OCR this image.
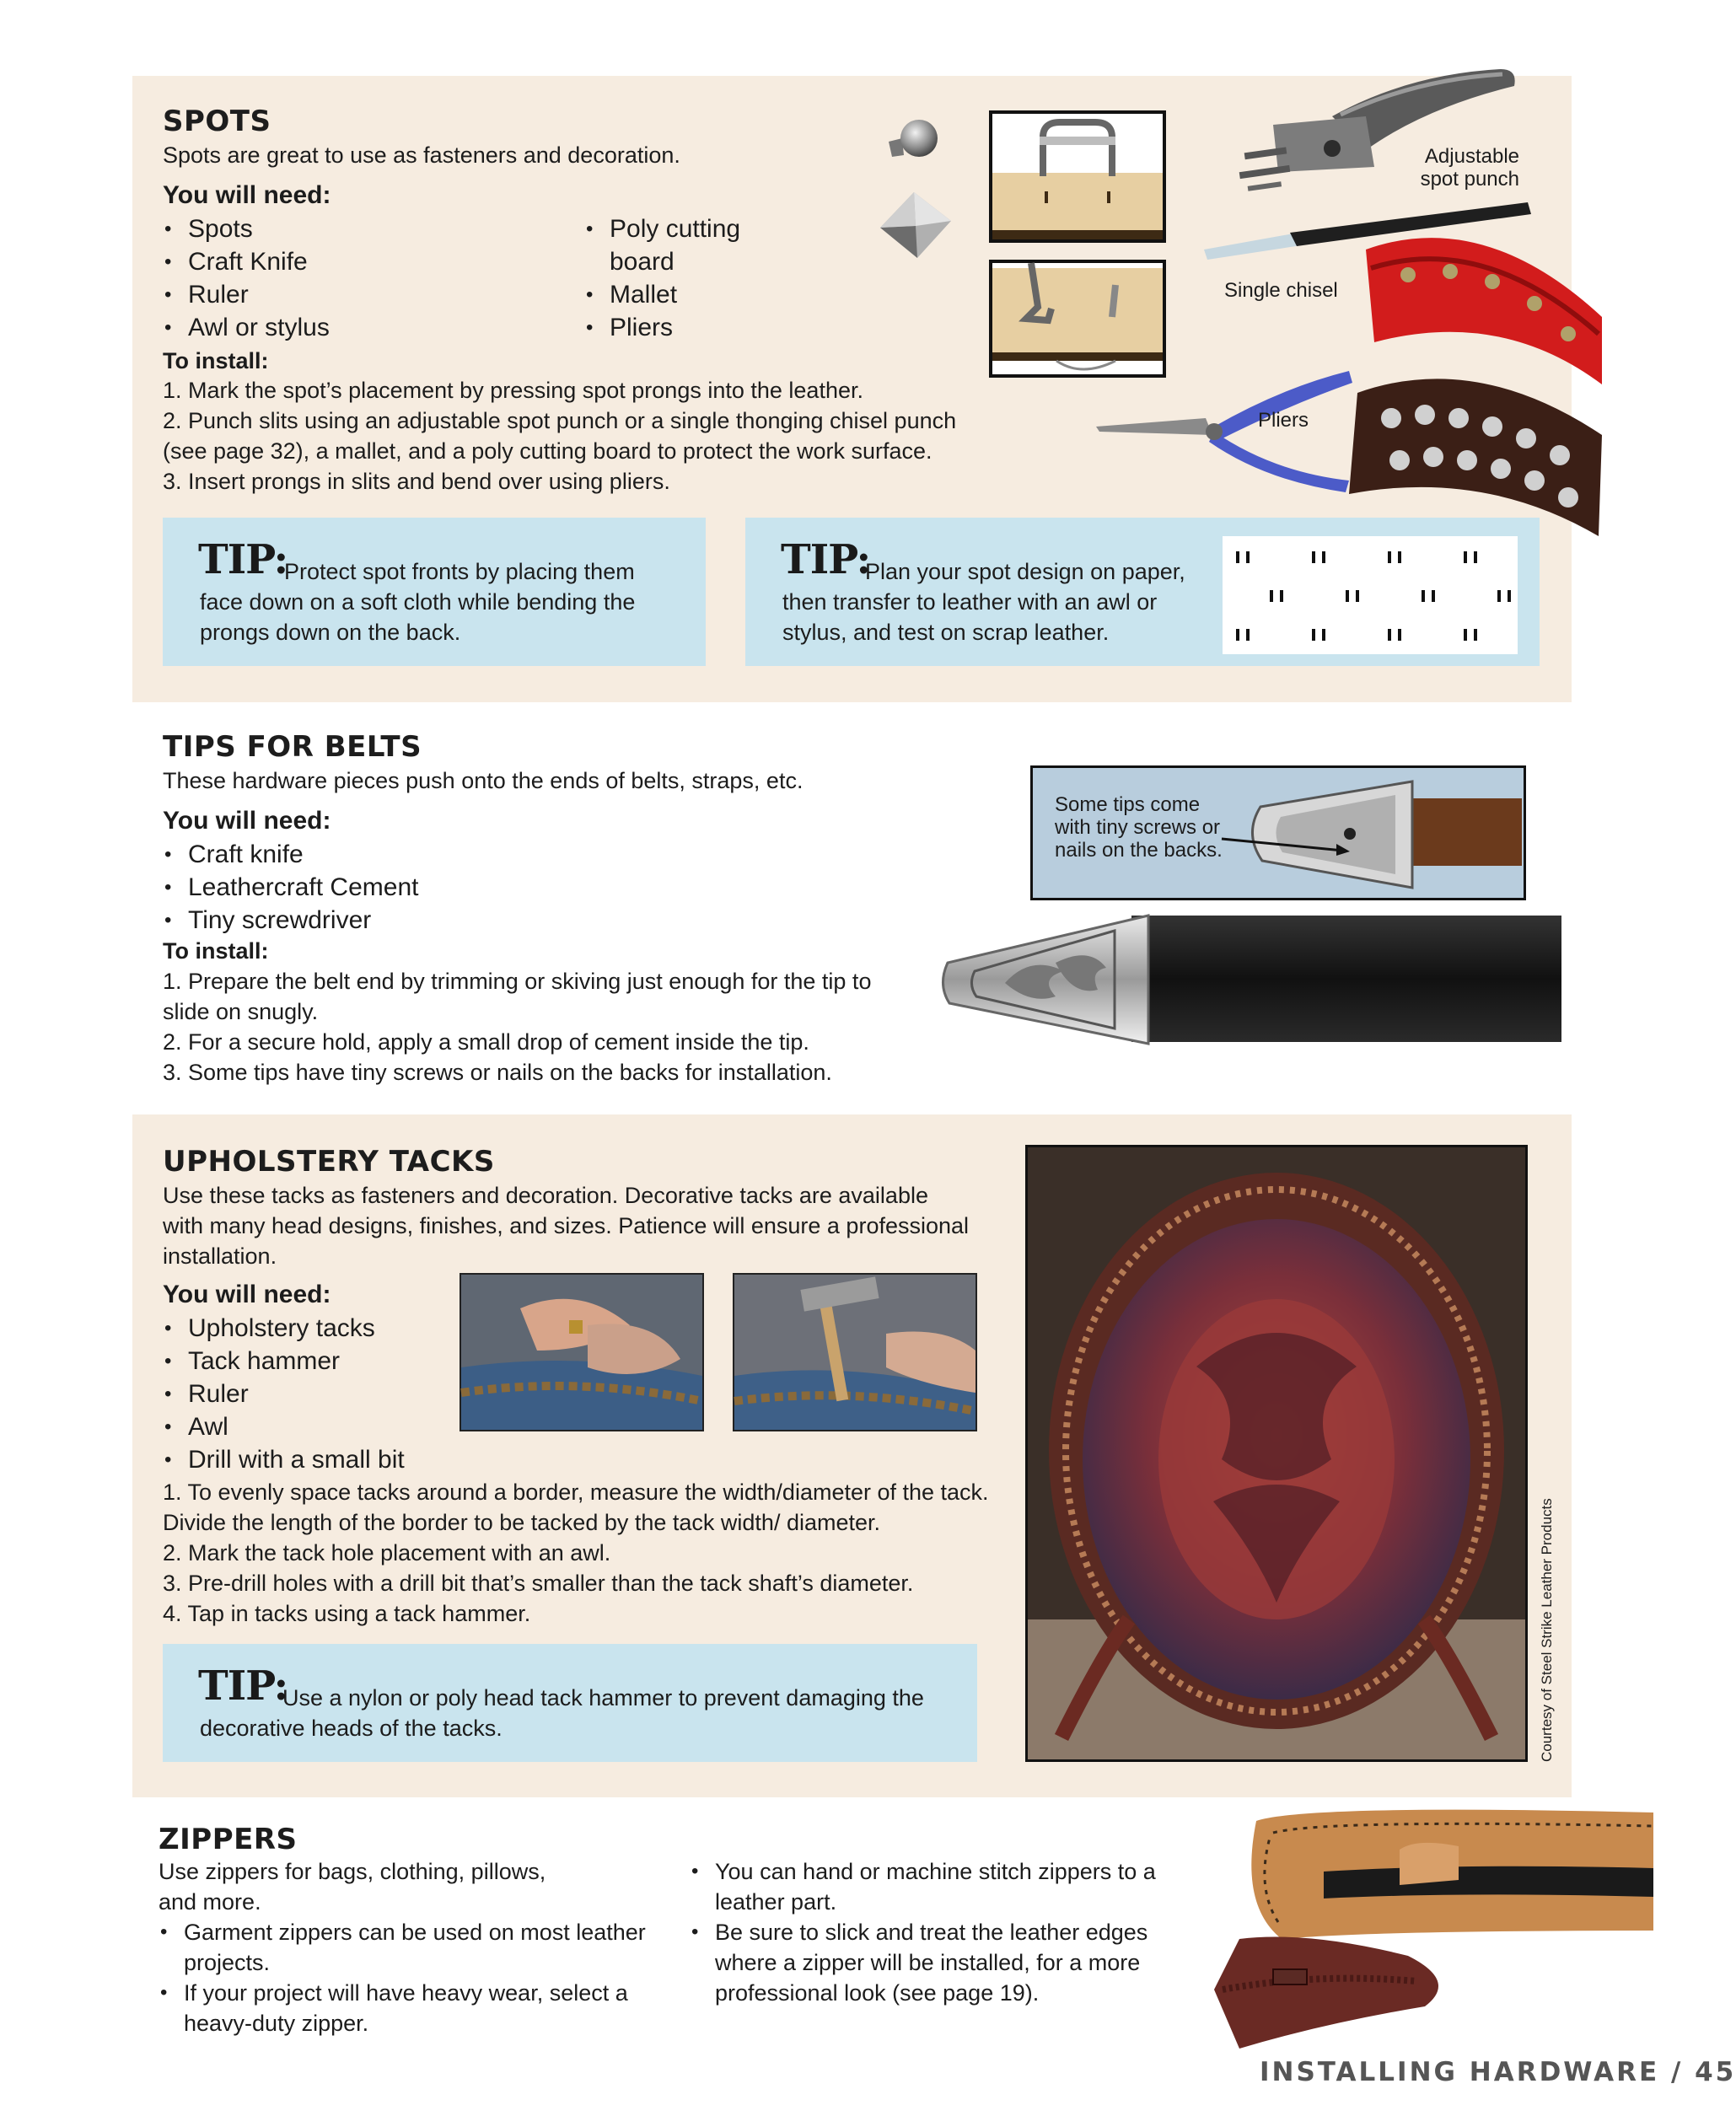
SPOTS
Spots are great to use as fasteners and decoration.
You will need:
• Spots
• Craft Knife
• Ruler
• Awl or stylus
• Poly cutting board
• Mallet
• Pliers
To install:
1. Mark the spot’s placement by pressing spot prongs into the leather.
2. Punch slits using an adjustable spot punch or a single thonging chisel punch (see page 32), a mallet, and a poly cutting board to protect the work surface.
3. Insert prongs in slits and bend over using pliers.
Adjustable spot punch
Single chisel
Pliers
TIP:
Protect spot fronts by placing them face down on a soft cloth while bending the prongs down on the back.
TIP:
Plan your spot design on paper, then transfer to leather with an awl or stylus, and test on scrap leather.
TIPS FOR BELTS
These hardware pieces push onto the ends of belts, straps, etc.
You will need:
• Craft knife
• Leathercraft Cement
• Tiny screwdriver
To install:
1. Prepare the belt end by trimming or skiving just enough for the tip to slide on snugly.
2. For a secure hold, apply a small drop of cement inside the tip.
3. Some tips have tiny screws or nails on the backs for installation.
Some tips come with tiny screws or nails on the backs.
UPHOLSTERY TACKS
Use these tacks as fasteners and decoration. Decorative tacks are available with many head designs, finishes, and sizes. Patience will ensure a professional installation.
You will need:
• Upholstery tacks
• Tack hammer
• Ruler
• Awl
• Drill with a small bit
1. To evenly space tacks around a border, measure the width/diameter of the tack. Divide the length of the border to be tacked by the tack width/ diameter.
2. Mark the tack hole placement with an awl.
3. Pre-drill holes with a drill bit that’s smaller than the tack shaft’s diameter.
4. Tap in tacks using a tack hammer.
TIP:
Use a nylon or poly head tack hammer to prevent damaging the decorative heads of the tacks.	Courtesy of Steel Strike Leather Products
ZIPPERS
Use zippers for bags, clothing, pillows, and more.
• Garment zippers can be used on most leather projects.
• If your project will have heavy wear, select a heavy-duty zipper.
• You can hand or machine stitch zippers to a leather part.
• Be sure to slick and treat the leather edges where a zipper will be installed, for a more professional look (see page 19).
INSTALLING HARDWARE / 45
